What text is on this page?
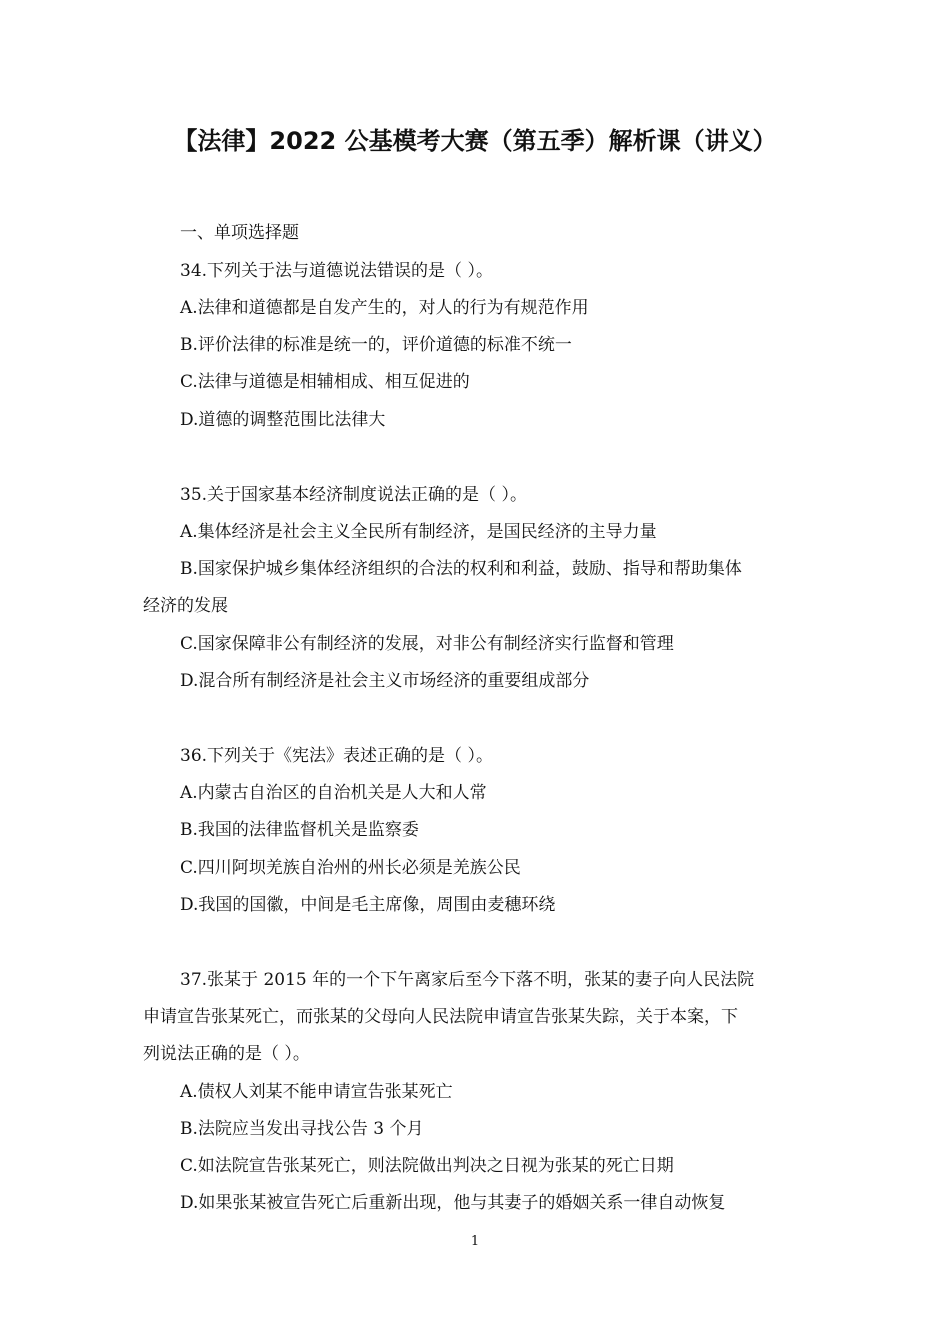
【法律】2022 公基模考大赛（第五季）解析课（讲义）

一、单项选择题

34.下列关于法与道德说法错误的是（ ）。

A.法律和道德都是自发产生的，对人的行为有规范作用

B.评价法律的标准是统一的，评价道德的标准不统一

C.法律与道德是相辅相成、相互促进的

D.道德的调整范围比法律大

35.关于国家基本经济制度说法正确的是（ ）。

A.集体经济是社会主义全民所有制经济，是国民经济的主导力量

B.国家保护城乡集体经济组织的合法的权利和利益，鼓励、指导和帮助集体

经济的发展

C.国家保障非公有制经济的发展，对非公有制经济实行监督和管理

D.混合所有制经济是社会主义市场经济的重要组成部分

36.下列关于《宪法》表述正确的是（ ）。

A.内蒙古自治区的自治机关是人大和人常

B.我国的法律监督机关是监察委

C.四川阿坝羌族自治州的州长必须是羌族公民

D.我国的国徽，中间是毛主席像，周围由麦穗环绕

37.张某于 2015 年的一个下午离家后至今下落不明，张某的妻子向人民法院

申请宣告张某死亡，而张某的父母向人民法院申请宣告张某失踪，关于本案，下

列说法正确的是（ ）。

A.债权人刘某不能申请宣告张某死亡

B.法院应当发出寻找公告 3 个月

C.如法院宣告张某死亡，则法院做出判决之日视为张某的死亡日期

D.如果张某被宣告死亡后重新出现，他与其妻子的婚姻关系一律自动恢复

1
